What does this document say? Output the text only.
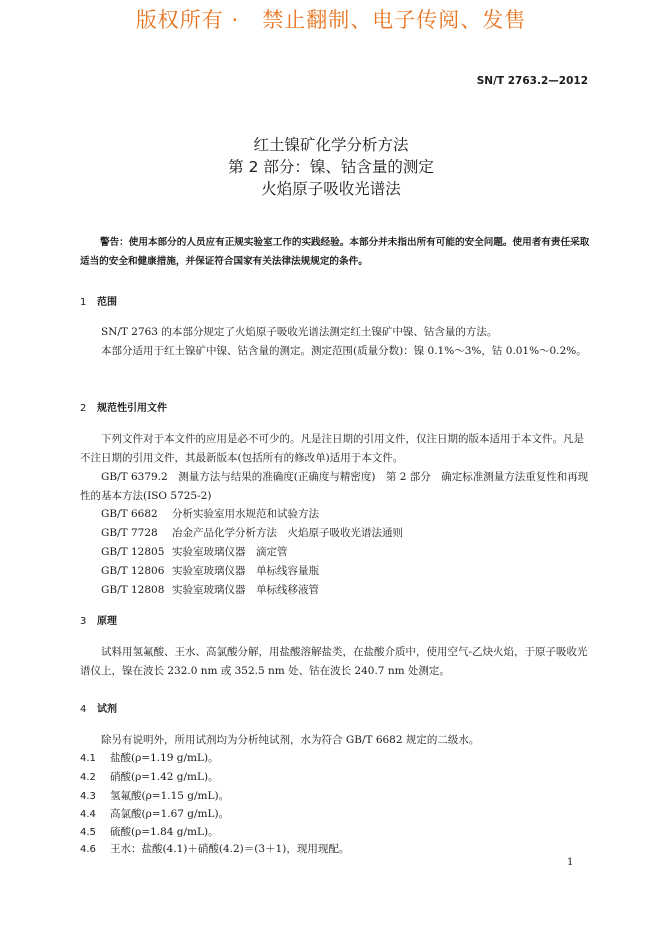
版权所有 ·   禁止翻制、电子传阅、发售
SN/T 2763.2—2012
红土镍矿化学分析方法
第 2 部分：镍、钴含量的测定
火焰原子吸收光谱法
警告：使用本部分的人员应有正规实验室工作的实践经验。本部分并未指出所有可能的安全问题。使用者有责任采取适当的安全和健康措施，并保证符合国家有关法律法规规定的条件。
1 范围
SN/T 2763 的本部分规定了火焰原子吸收光谱法测定红土镍矿中镍、钴含量的方法。
本部分适用于红土镍矿中镍、钴含量的测定。测定范围(质量分数)：镍 0.1%～3%，钴 0.01%～0.2%。
2 规范性引用文件
下列文件对于本文件的应用是必不可少的。凡是注日期的引用文件，仅注日期的版本适用于本文件。凡是不注日期的引用文件，其最新版本(包括所有的修改单)适用于本文件。
GB/T 6379.2　测量方法与结果的准确度(正确度与精密度)　第 2 部分　确定标准测量方法重复性和再现性的基本方法(ISO 5725-2)
GB/T 6682 分析实验室用水规范和试验方法
GB/T 7728 冶金产品化学分析方法　火焰原子吸收光谱法通则
GB/T 12805 实验室玻璃仪器　滴定管
GB/T 12806 实验室玻璃仪器　单标线容量瓶
GB/T 12808 实验室玻璃仪器　单标线移液管
3 原理
试料用氢氟酸、王水、高氯酸分解，用盐酸溶解盐类，在盐酸介质中，使用空气-乙炔火焰，于原子吸收光谱仪上，镍在波长 232.0 nm 或 352.5 nm 处、钴在波长 240.7 nm 处测定。
4 试剂
除另有说明外，所用试剂均为分析纯试剂，水为符合 GB/T 6682 规定的二级水。
4.1 盐酸(ρ=1.19 g/mL)。
4.2 硝酸(ρ=1.42 g/mL)。
4.3 氢氟酸(ρ=1.15 g/mL)。
4.4 高氯酸(ρ=1.67 g/mL)。
4.5 硫酸(ρ=1.84 g/mL)。
4.6 王水：盐酸(4.1)＋硝酸(4.2)＝(3＋1)，现用现配。
1
